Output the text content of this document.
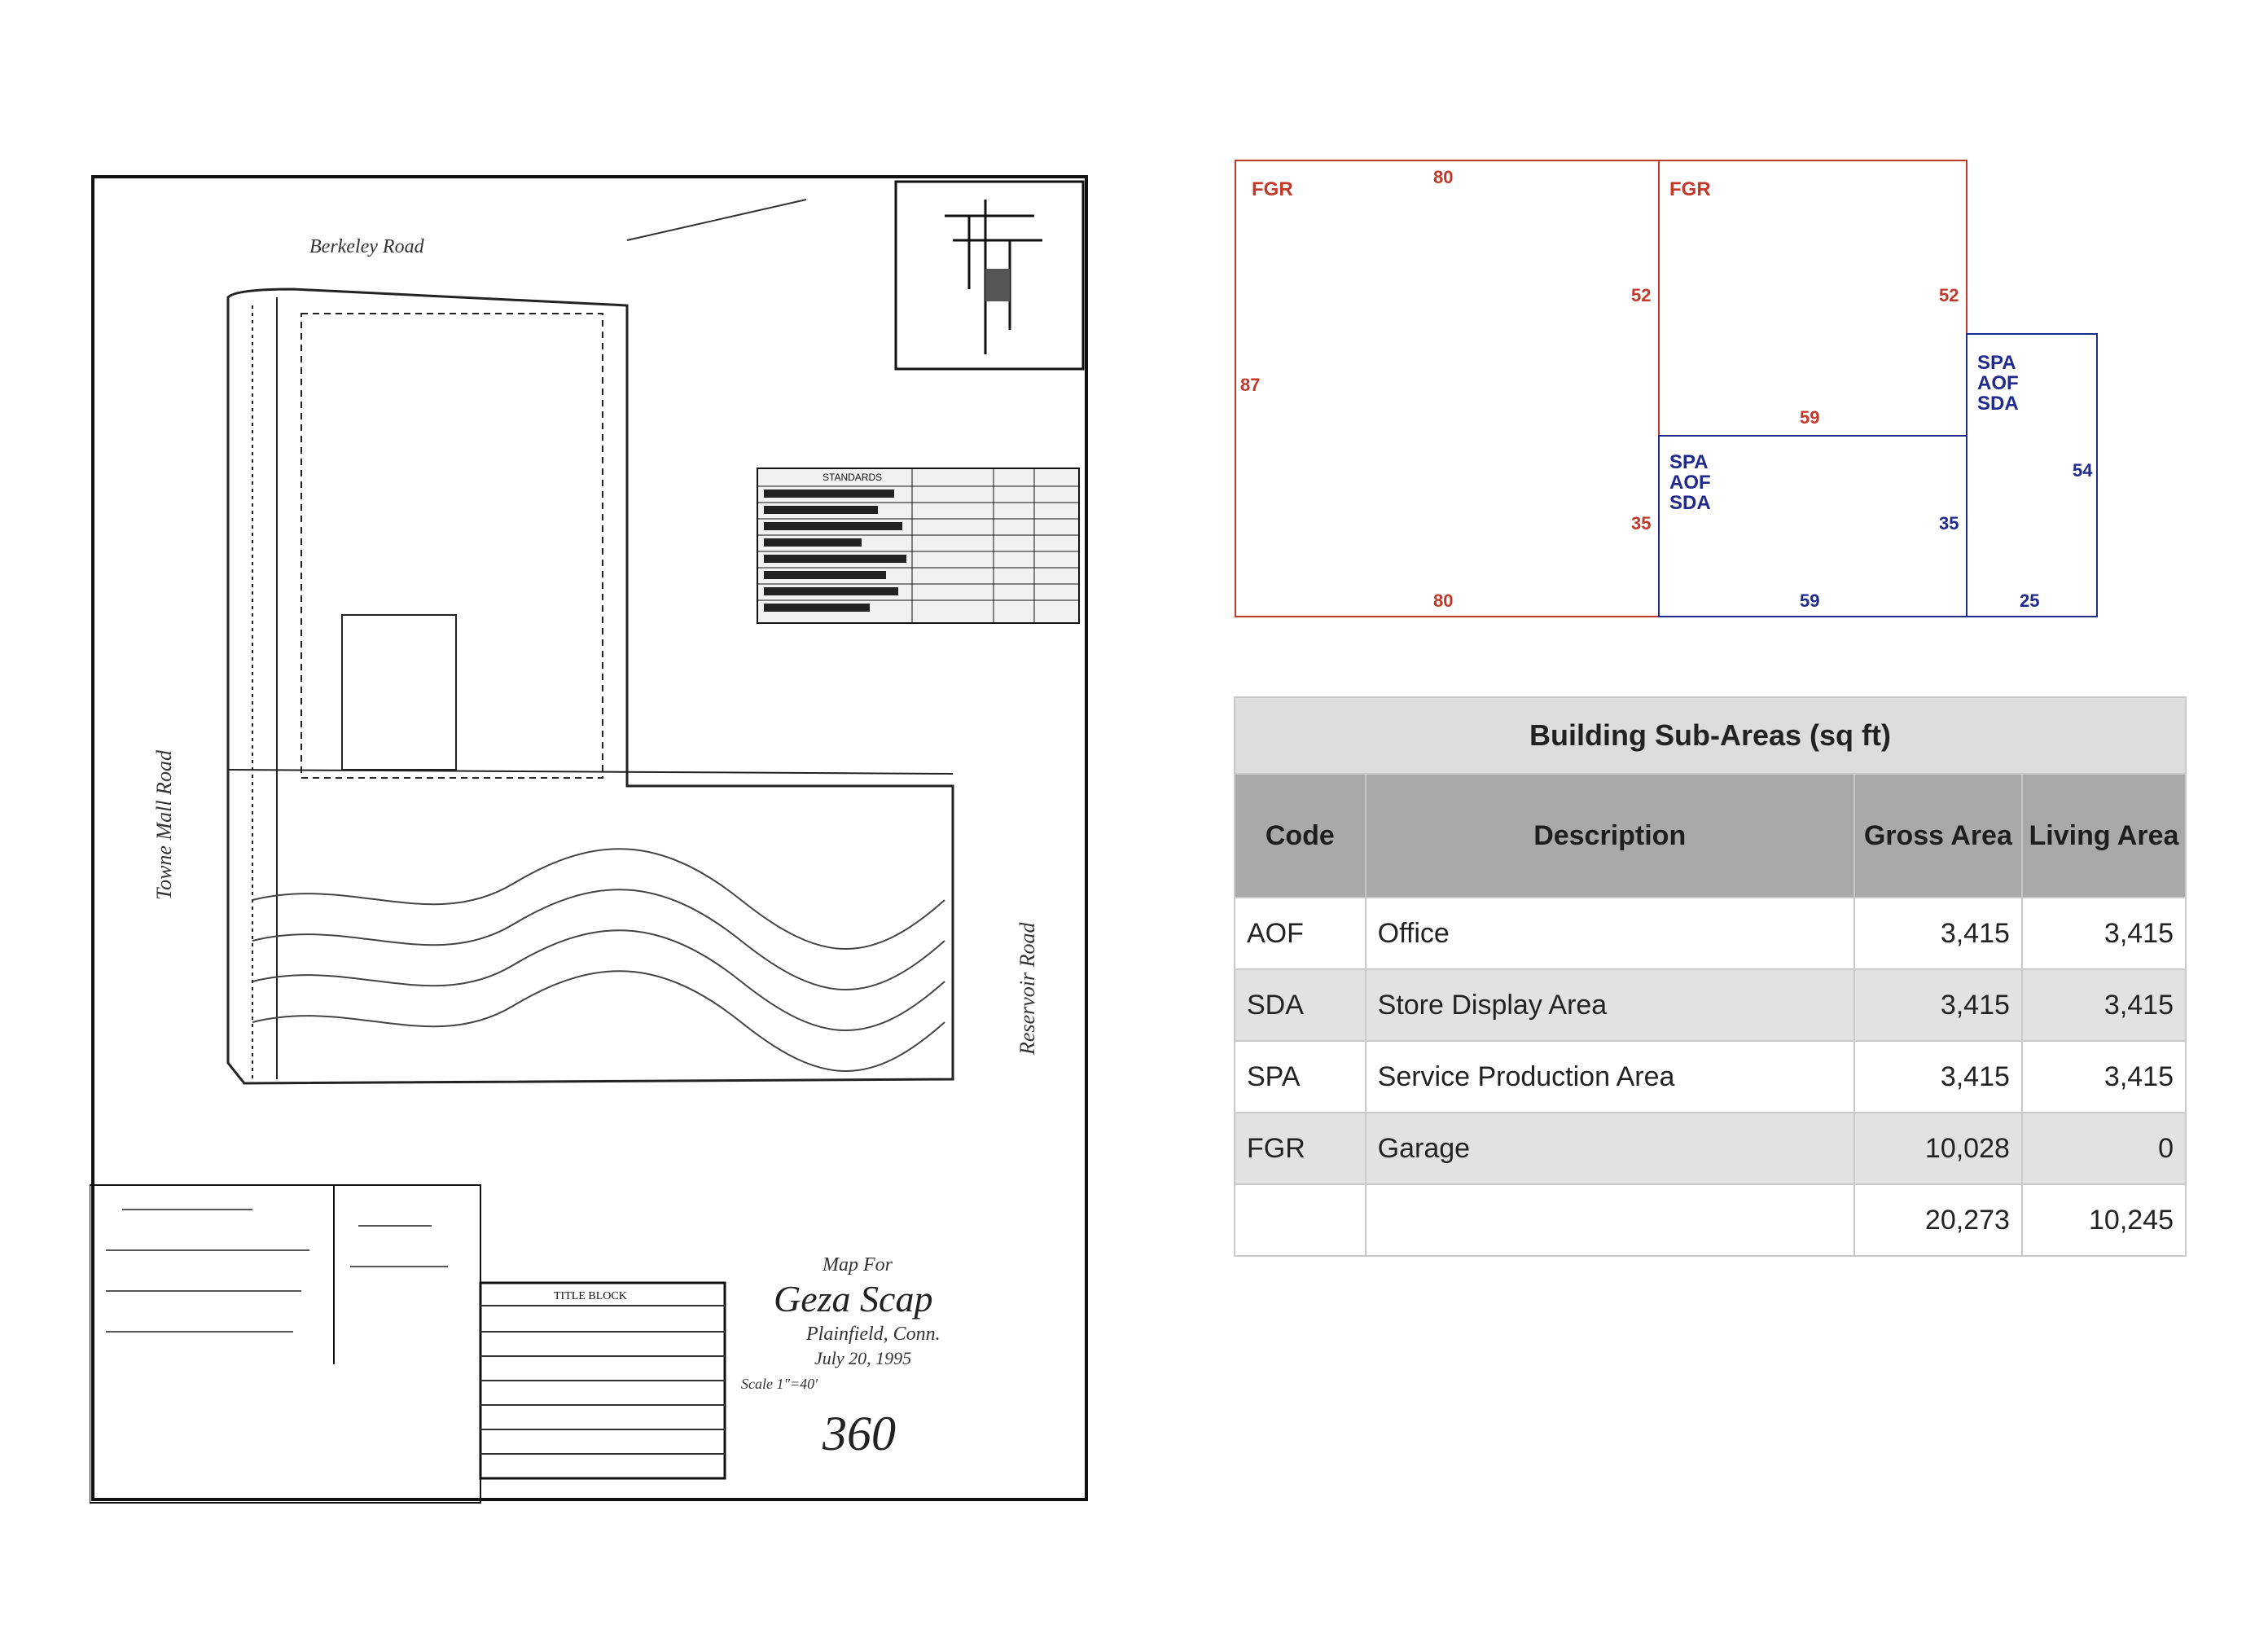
Berkeley Road
Towne Mall Road
Reservoir Road
STANDARDS
TITLE BLOCK
Map For
Geza Scap
Plainfield, Conn.
July 20, 1995
Scale 1"=40'
360
FGR
80
87
52
35
80
FGR
52
59
SPA
AOF
SDA
35
59
SPA
AOF
SDA
54
25
Building Sub-Areas (sq ft)			
Code	Description	Gross Area	Living Area
AOF	Office	3,415	3,415
SDA	Store Display Area	3,415	3,415
SPA	Service Production Area	3,415	3,415
FGR	Garage	10,028	0
		20,273	10,245
